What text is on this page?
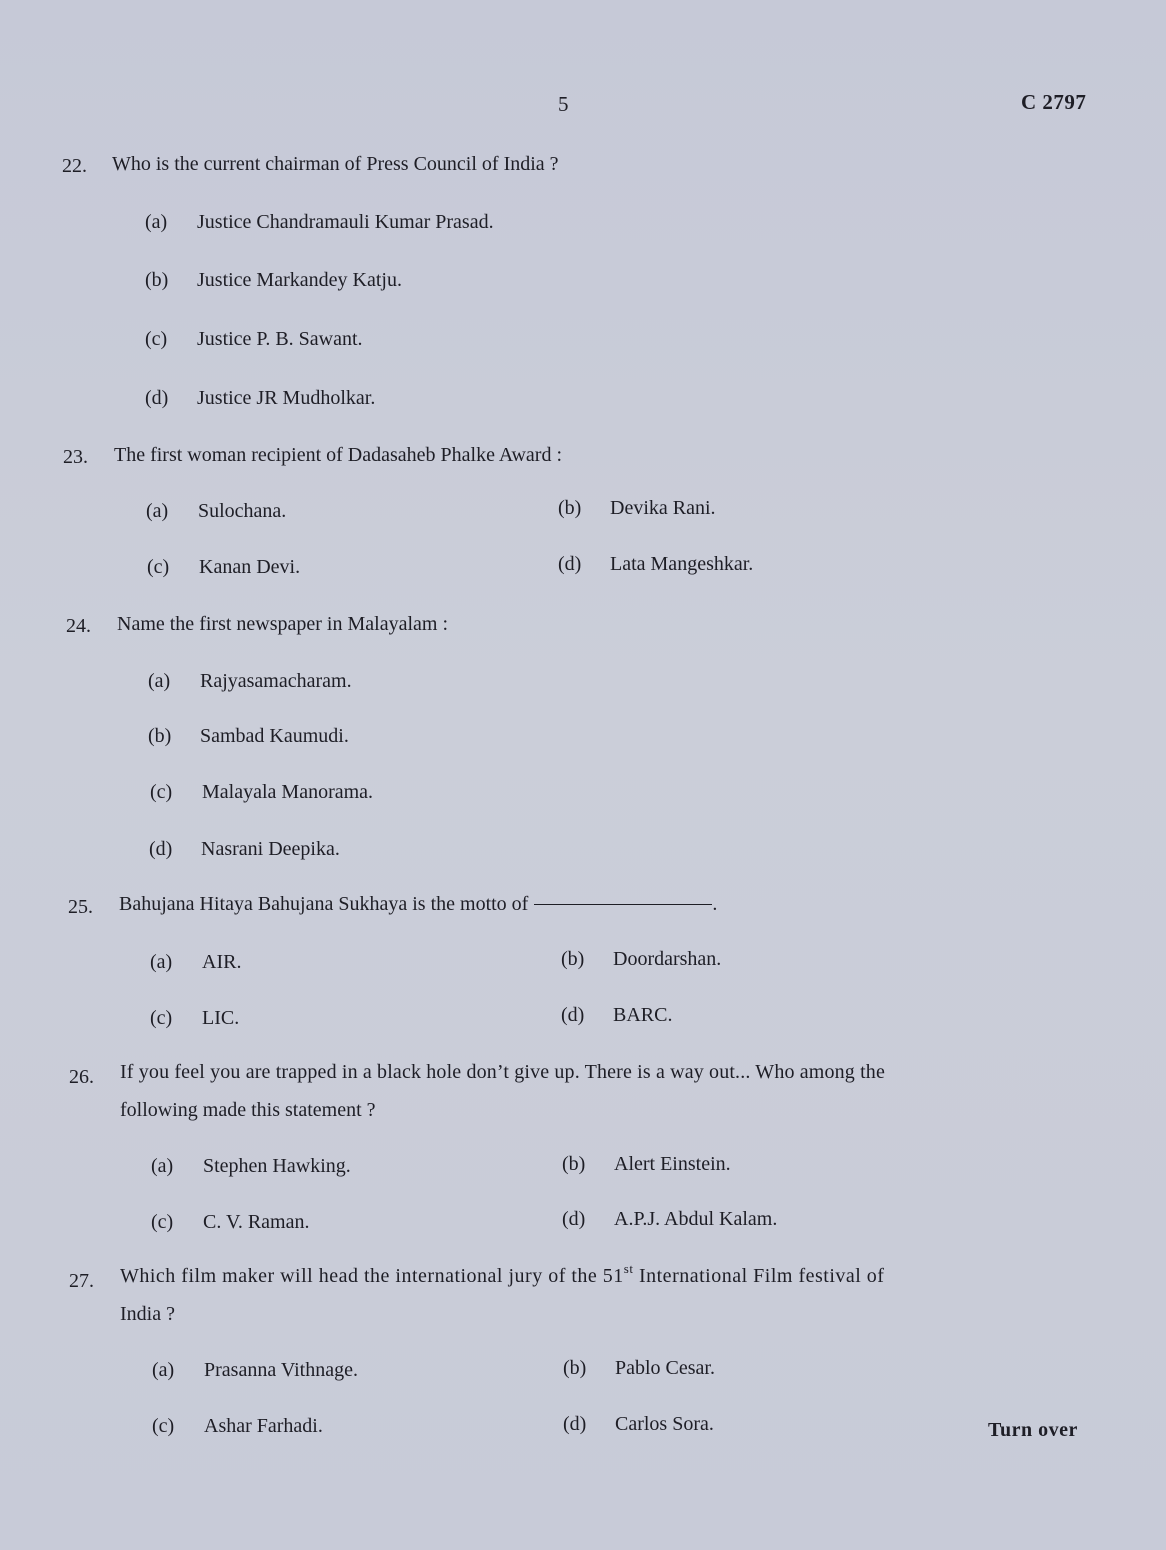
5	C 2797
22. Who is the current chairman of Press Council of India ?
(a) Justice Chandramauli Kumar Prasad.
(b) Justice Markandey Katju.
(c) Justice P. B. Sawant.
(d) Justice JR Mudholkar.
23. The first woman recipient of Dadasaheb Phalke Award :
(a) Sulochana.	(b) Devika Rani.
(c) Kanan Devi.	(d) Lata Mangeshkar.
24. Name the first newspaper in Malayalam :
(a) Rajyasamacharam.
(b) Sambad Kaumudi.
(c) Malayala Manorama.
(d) Nasrani Deepika.
25. Bahujana Hitaya Bahujana Sukhaya is the motto of	.
(a) AIR.	(b) Doordarshan.
(c) LIC.	(d) BARC.
26. If you feel you are trapped in a black hole don’t give up. There is a way out... Who among the
following made this statement ?
(a) Stephen Hawking.	(b) Alert Einstein.
(c) C. V. Raman.	(d) A.P.J. Abdul Kalam.
27. Which film maker will head the international jury of the 51st International Film festival of
India ?
(a) Prasanna Vithnage.	(b) Pablo Cesar.
(c) Ashar Farhadi.	(d) Carlos Sora.	Turn over
